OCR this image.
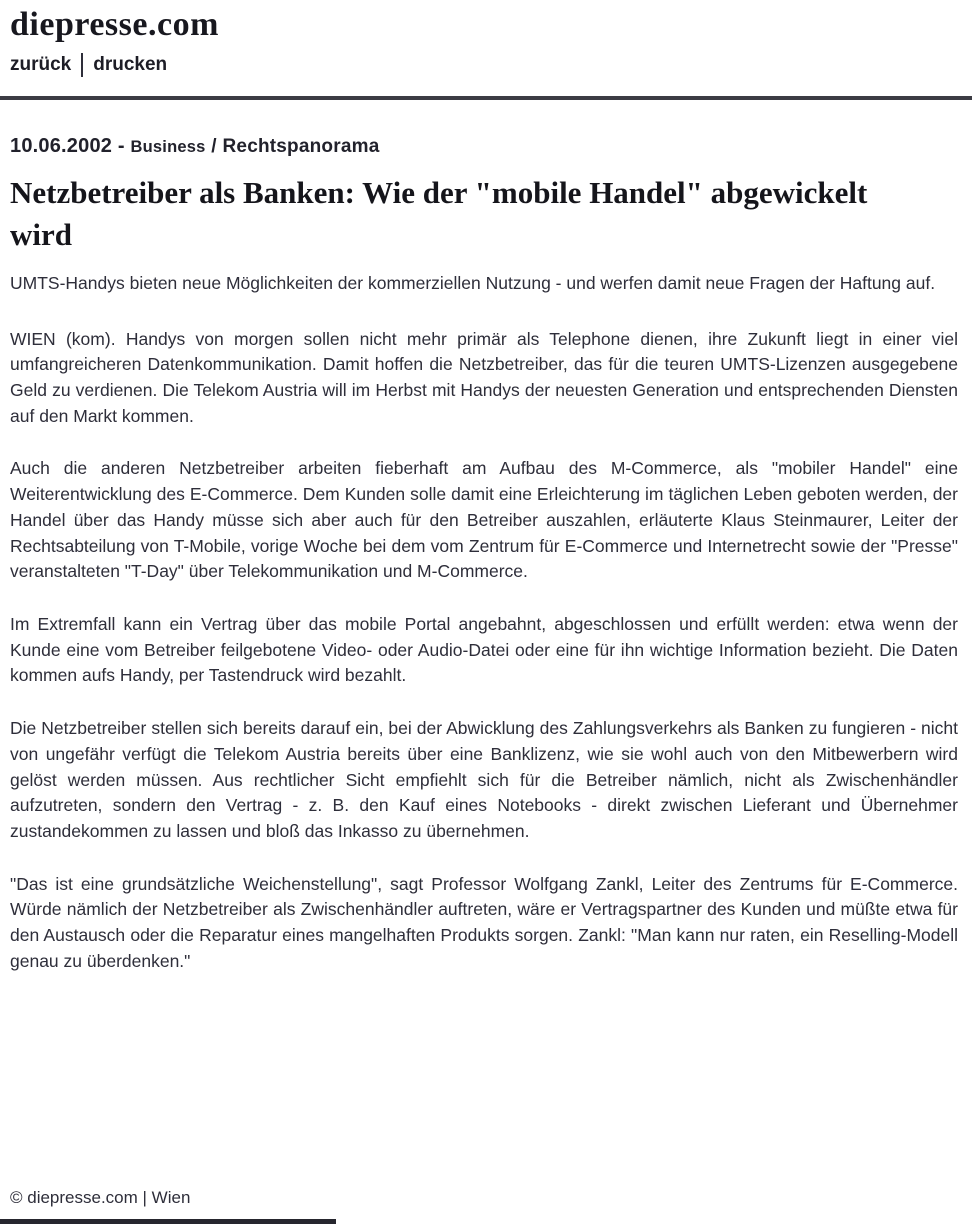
diepresse.com
zurück drucken
10.06.2002 - Business / Rechtspanorama
Netzbetreiber als Banken: Wie der "mobile Handel" abgewickelt wird
UMTS-Handys bieten neue Möglichkeiten der kommerziellen Nutzung - und werfen damit neue Fragen der Haftung auf.

WIEN (kom). Handys von morgen sollen nicht mehr primär als Telephone dienen, ihre Zukunft liegt in einer viel umfangreicheren Datenkommunikation. Damit hoffen die Netzbetreiber, das für die teuren UMTS-Lizenzen ausgegebene Geld zu verdienen. Die Telekom Austria will im Herbst mit Handys der neuesten Generation und entsprechenden Diensten auf den Markt kommen.

Auch die anderen Netzbetreiber arbeiten fieberhaft am Aufbau des M-Commerce, als "mobiler Handel" eine Weiterentwicklung des E-Commerce. Dem Kunden solle damit eine Erleichterung im täglichen Leben geboten werden, der Handel über das Handy müsse sich aber auch für den Betreiber auszahlen, erläuterte Klaus Steinmaurer, Leiter der Rechtsabteilung von T-Mobile, vorige Woche bei dem vom Zentrum für E-Commerce und Internetrecht sowie der "Presse" veranstalteten "T-Day" über Telekommunikation und M-Commerce.

Im Extremfall kann ein Vertrag über das mobile Portal angebahnt, abgeschlossen und erfüllt werden: etwa wenn der Kunde eine vom Betreiber feilgebotene Video- oder Audio-Datei oder eine für ihn wichtige Information bezieht. Die Daten kommen aufs Handy, per Tastendruck wird bezahlt.

Die Netzbetreiber stellen sich bereits darauf ein, bei der Abwicklung des Zahlungsverkehrs als Banken zu fungieren - nicht von ungefähr verfügt die Telekom Austria bereits über eine Banklizenz, wie sie wohl auch von den Mitbewerbern wird gelöst werden müssen. Aus rechtlicher Sicht empfiehlt sich für die Betreiber nämlich, nicht als Zwischenhändler aufzutreten, sondern den Vertrag - z. B. den Kauf eines Notebooks - direkt zwischen Lieferant und Übernehmer zustandekommen zu lassen und bloß das Inkasso zu übernehmen.

"Das ist eine grundsätzliche Weichenstellung", sagt Professor Wolfgang Zankl, Leiter des Zentrums für E-Commerce. Würde nämlich der Netzbetreiber als Zwischenhändler auftreten, wäre er Vertragspartner des Kunden und müßte etwa für den Austausch oder die Reparatur eines mangelhaften Produkts sorgen. Zankl: "Man kann nur raten, ein Reselling-Modell genau zu überdenken."

© diepresse.com | Wien
